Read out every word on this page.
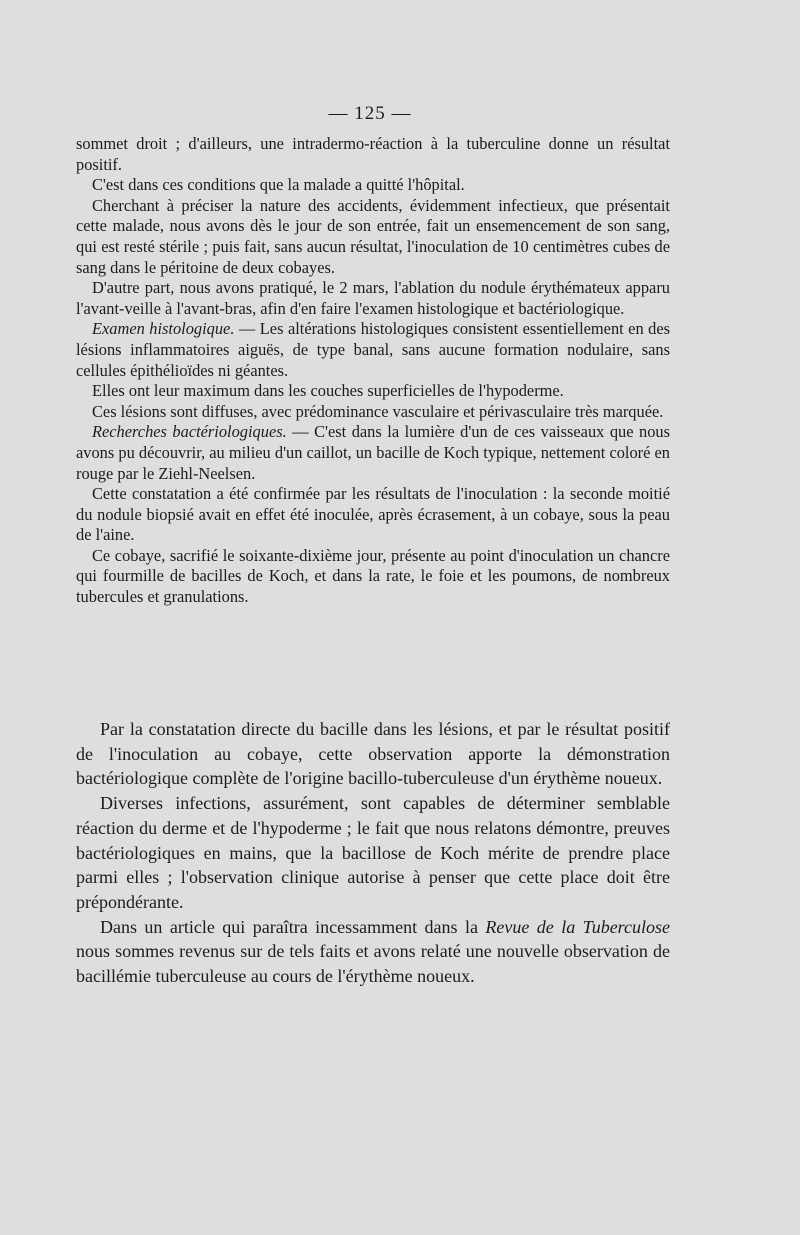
— 125 —

sommet droit ; d'ailleurs, une intradermo-réaction à la tuberculine donne un résultat positif.

C'est dans ces conditions que la malade a quitté l'hôpital.

Cherchant à préciser la nature des accidents, évidemment infectieux, que présentait cette malade, nous avons dès le jour de son entrée, fait un ensemencement de son sang, qui est resté stérile ; puis fait, sans aucun résultat, l'inoculation de 10 centimètres cubes de sang dans le péritoine de deux cobayes.

D'autre part, nous avons pratiqué, le 2 mars, l'ablation du nodule érythémateux apparu l'avant-veille à l'avant-bras, afin d'en faire l'examen histologique et bactériologique.

Examen histologique. — Les altérations histologiques consistent essentiellement en des lésions inflammatoires aiguës, de type banal, sans aucune formation nodulaire, sans cellules épithélioïdes ni géantes.

Elles ont leur maximum dans les couches superficielles de l'hypoderme.

Ces lésions sont diffuses, avec prédominance vasculaire et périvasculaire très marquée.

Recherches bactériologiques. — C'est dans la lumière d'un de ces vaisseaux que nous avons pu découvrir, au milieu d'un caillot, un bacille de Koch typique, nettement coloré en rouge par le Ziehl-Neelsen.

Cette constatation a été confirmée par les résultats de l'inoculation : la seconde moitié du nodule biopsié avait en effet été inoculée, après écrasement, à un cobaye, sous la peau de l'aine.

Ce cobaye, sacrifié le soixante-dixième jour, présente au point d'inoculation un chancre qui fourmille de bacilles de Koch, et dans la rate, le foie et les poumons, de nombreux tubercules et granulations.

Par la constatation directe du bacille dans les lésions, et par le résultat positif de l'inoculation au cobaye, cette observation apporte la démonstration bactériologique complète de l'origine bacillo-tuberculeuse d'un érythème noueux.

Diverses infections, assurément, sont capables de déterminer semblable réaction du derme et de l'hypoderme ; le fait que nous relatons démontre, preuves bactériologiques en mains, que la bacillose de Koch mérite de prendre place parmi elles ; l'observation clinique autorise à penser que cette place doit être prépondérante.

Dans un article qui paraîtra incessamment dans la Revue de la Tuberculose nous sommes revenus sur de tels faits et avons relaté une nouvelle observation de bacillémie tuberculeuse au cours de l'érythème noueux.
